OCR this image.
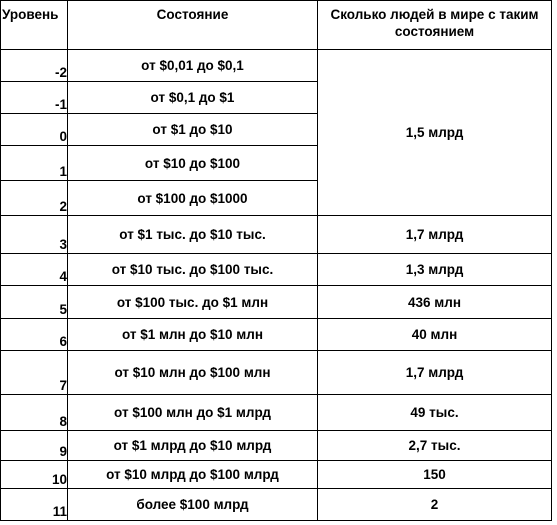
Уровень	Состояние	Сколько людей в мире с таким состоянием
-2	от $0,01 до $0,1	1,5 млрд
-1	от $0,1 до $1	
0	от $1 до $10	
1	от $10 до $100	
2	от $100 до $1000	
3	от $1 тыс. до $10 тыс.	1,7 млрд
4	от $10 тыс. до $100 тыс.	1,3 млрд
5	от $100 тыс. до $1 млн	436 млн
6	от $1 млн до $10 млн	40 млн
7	от $10 млн до $100 млн	1,7 млрд
8	от $100 млн до $1 млрд	49 тыс.
9	от $1 млрд до $10 млрд	2,7 тыс.
10	от $10 млрд до $100 млрд	150
11	более $100 млрд	2
